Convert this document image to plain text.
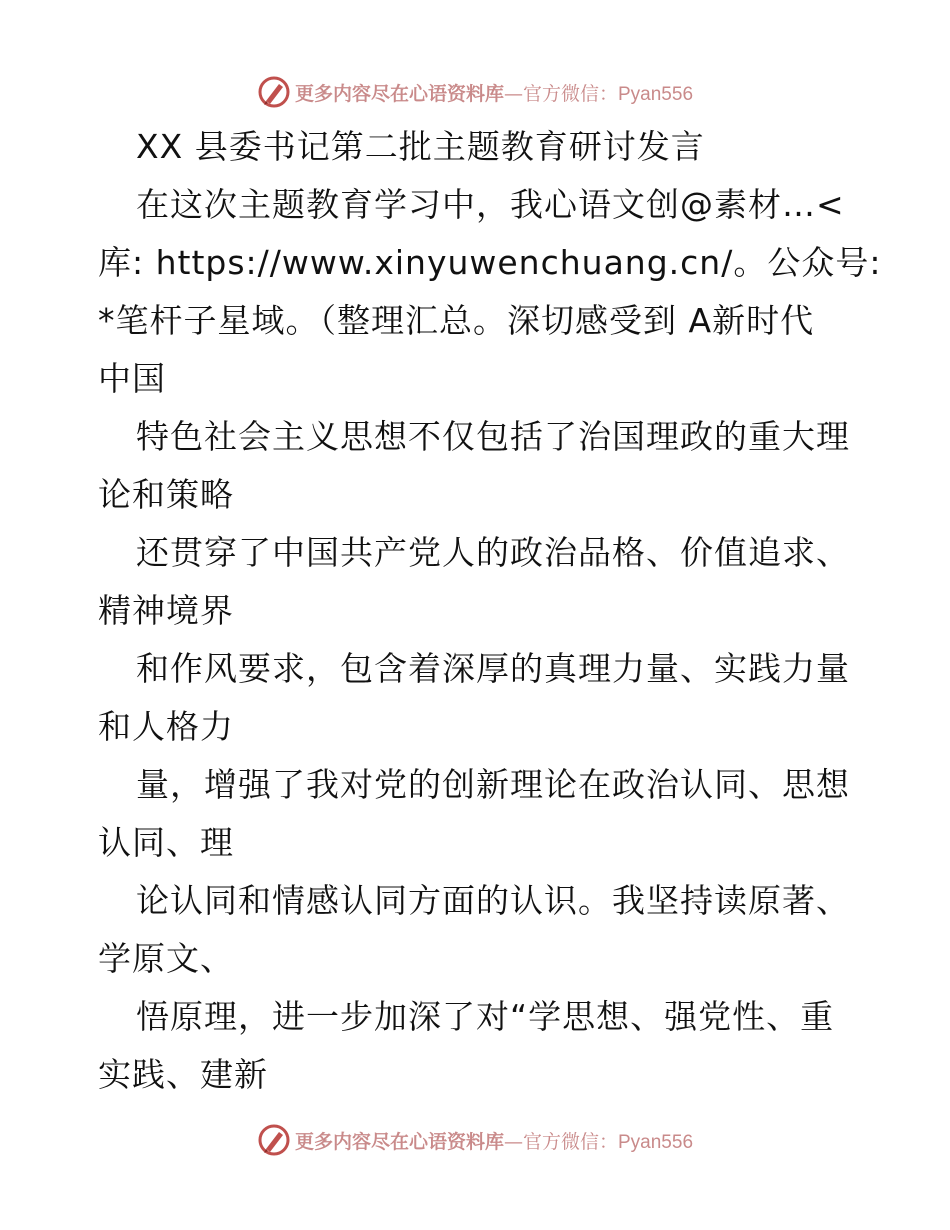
更多内容尽在心语资料库 — 官方微信： Pyan556
XX 县委书记第二批主题教育研讨发言
在这次主题教育学习中，我心语文创@素材…<
库: https://www.xinyuwenchuang.cn/。公众号:
*笔杆子星域。（整理汇总。深切感受到 A新时代
中国
特色社会主义思想不仅包括了治国理政的重大理
论和策略
还贯穿了中国共产党人的政治品格、价值追求、
精神境界
和作风要求，包含着深厚的真理力量、实践力量
和人格力
量，增强了我对党的创新理论在政治认同、思想
认同、理
论认同和情感认同方面的认识。我坚持读原著、
学原文、
悟原理，进一步加深了对“学思想、强党性、重
实践、建新
更多内容尽在心语资料库 — 官方微信： Pyan556
